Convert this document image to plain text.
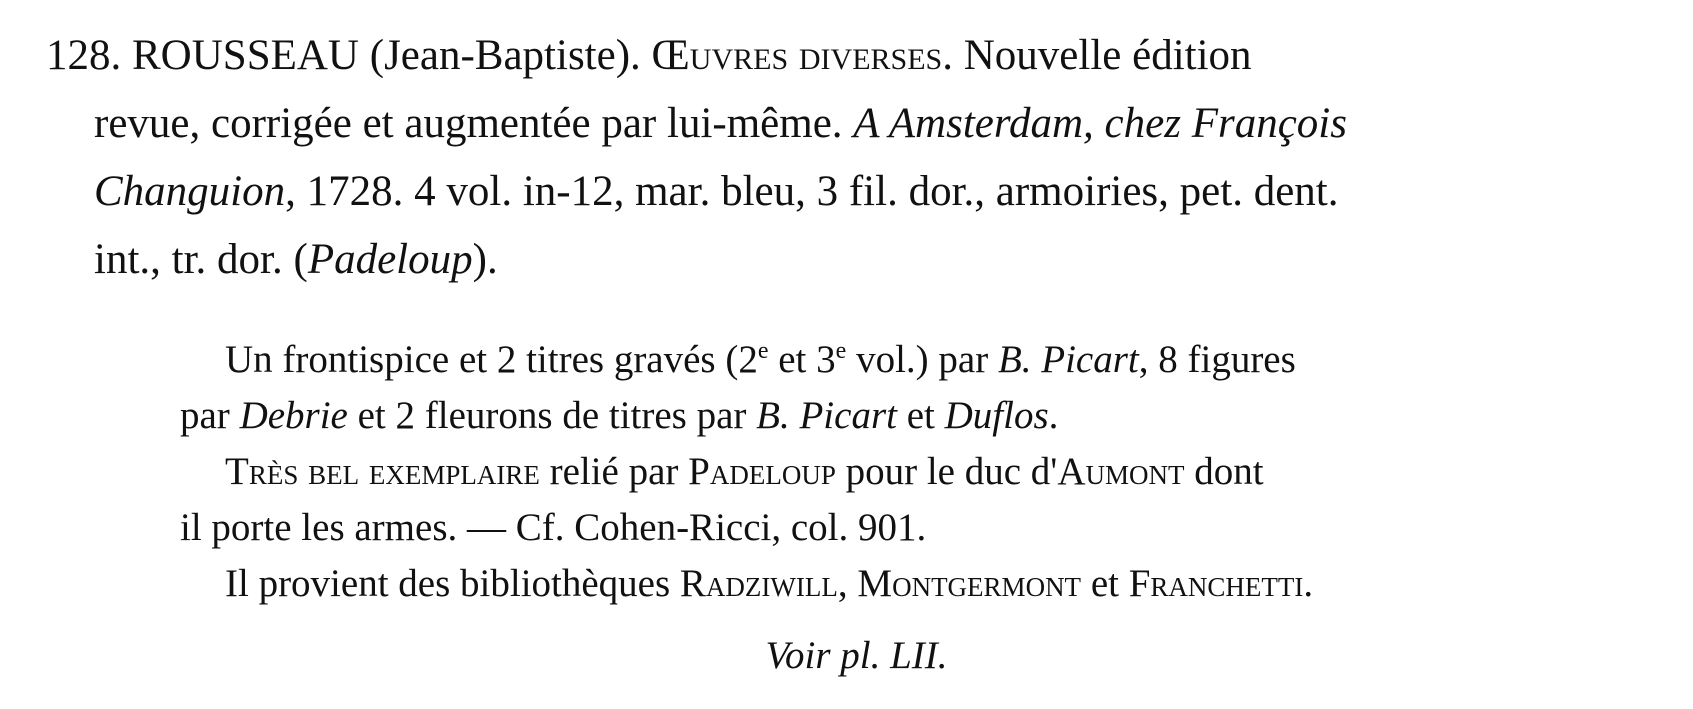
128. ROUSSEAU (Jean-Baptiste). Œuvres diverses. Nouvelle édition
revue, corrigée et augmentée par lui-même. A Amsterdam, chez François
Changuion, 1728. 4 vol. in-12, mar. bleu, 3 fil. dor., armoiries, pet. dent.
int., tr. dor. (Padeloup).

Un frontispice et 2 titres gravés (2e et 3e vol.) par B. Picart, 8 figures
par Debrie et 2 fleurons de titres par B. Picart et Duflos.

Très bel exemplaire relié par Padeloup pour le duc d'Aumont dont
il porte les armes. — Cf. Cohen-Ricci, col. 901.

Il provient des bibliothèques Radziwill, Montgermont et Franchetti.

Voir pl. LII.
